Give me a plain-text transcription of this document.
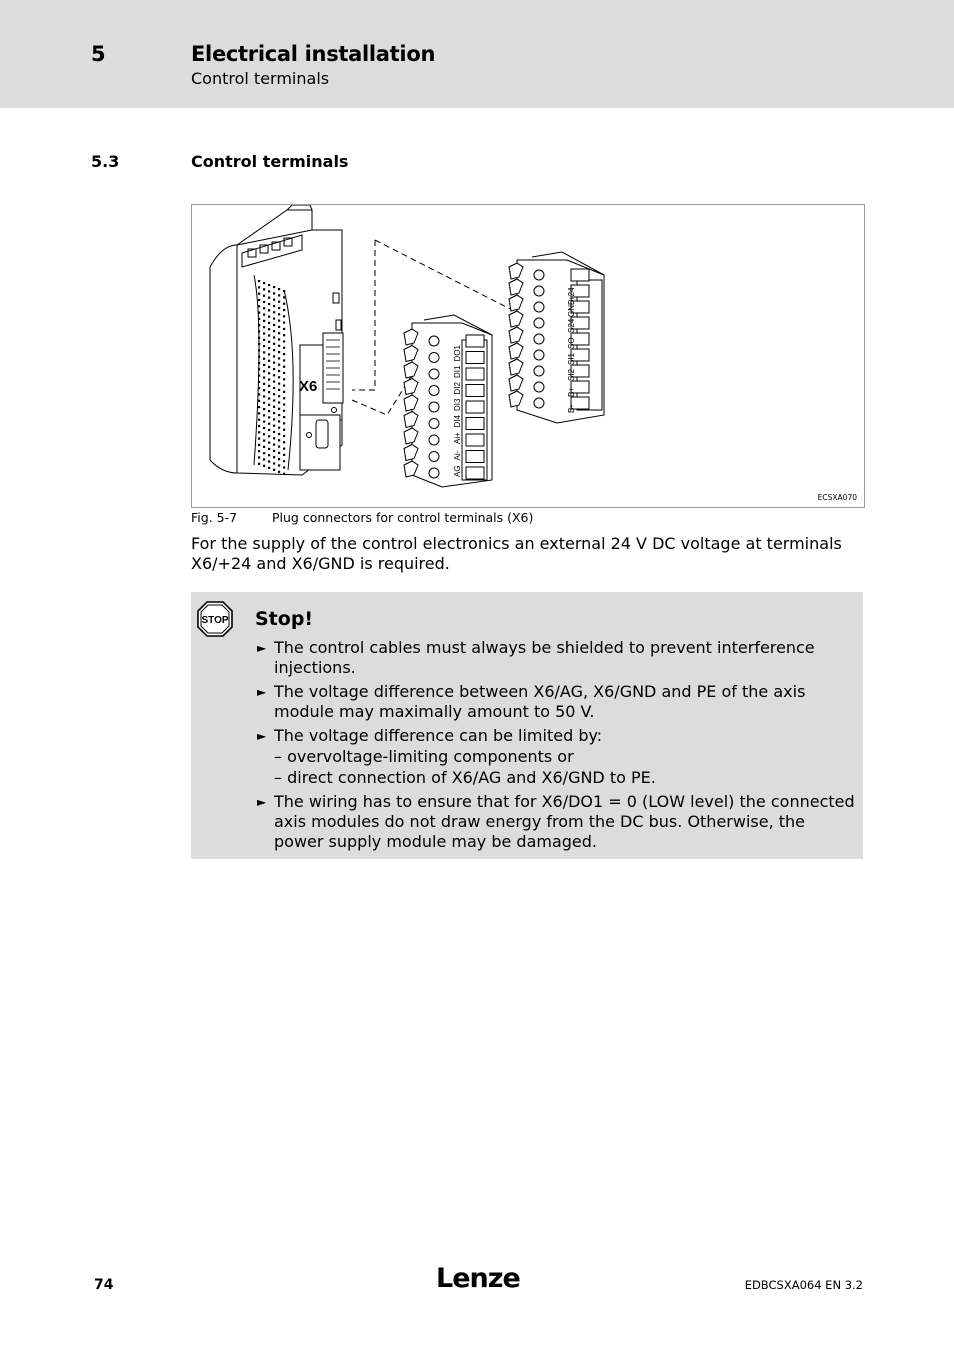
5	Electrical installation
Control terminals
5.3	Control terminals
X6
AG
Ai-
Ai+
DI4
DI3
DI2
DI1
DO1
B-
B+
SI2
SI1
SO
S24
GND
+24
ECSXA070
Fig. 5-7	Plug connectors for control terminals (X6)

For the supply of the control electronics an external 24 V DC voltage at terminals X6/+24 and X6/GND is required.

STOP Stop!
► The control cables must always be shielded to prevent interference injections.
► The voltage difference between X6/AG, X6/GND and PE of the axis module may maximally amount to 50 V.
► The voltage difference can be limited by:
– overvoltage-limiting components or
– direct connection of X6/AG and X6/GND to PE.
► The wiring has to ensure that for X6/DO1 = 0 (LOW level) the connected axis modules do not draw energy from the DC bus. Otherwise, the power supply module may be damaged.
74	Lenze	EDBCSXA064 EN 3.2
